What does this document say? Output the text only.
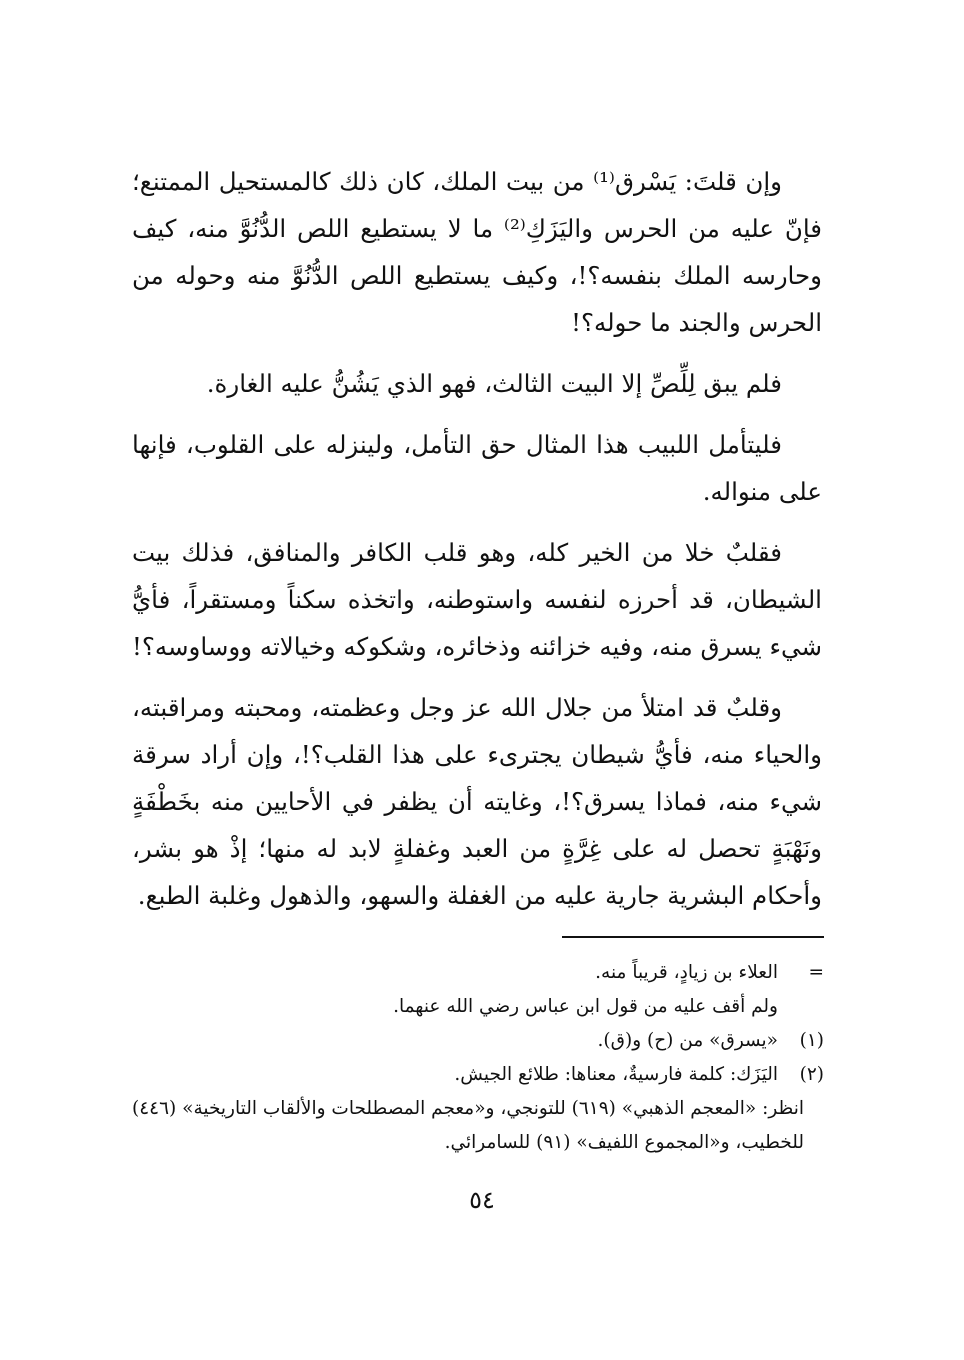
وإن قلتَ: يَسْرق⁽¹⁾ من بيت الملك، كان ذلك كالمستحيل الممتنع؛ فإنّ عليه من الحرس واليَزَكِ⁽²⁾ ما لا يستطيع اللص الدُّنُوَّ منه، كيف وحارسه الملك بنفسه؟!، وكيف يستطيع اللص الدُّنُوَّ منه وحوله من الحرس والجند ما حوله؟!

فلم يبق لِلِّصِّ إلا البيت الثالث، فهو الذي يَشُنُّ عليه الغارة.

فليتأمل اللبيب هذا المثال حق التأمل، ولينزله على القلوب، فإنها على منواله.

فقلبٌ خلا من الخير كله، وهو قلب الكافر والمنافق، فذلك بيت الشيطان، قد أحرزه لنفسه واستوطنه، واتخذه سكناً ومستقراً، فأيُّ شيء يسرق منه، وفيه خزائنه وذخائره، وشكوكه وخيالاته ووساوسه؟!

وقلبٌ قد امتلأ من جلال الله عز وجل وعظمته، ومحبته ومراقبته، والحياء منه، فأيُّ شيطان يجترىء على هذا القلب؟!، وإن أراد سرقة شيء منه، فماذا يسرق؟!، وغايته أن يظفر في الأحايين منه بخَطْفَةٍ ونَهْبَةٍ تحصل له على غِرَّةٍ من العبد وغفلةٍ لابد له منها؛ إذْ هو بشر، وأحكام البشرية جارية عليه من الغفلة والسهو، والذهول وغلبة الطبع.

=
العلاء بن زيادٍ، قريباً منه.
ولم أقف عليه من قول ابن عباس رضي الله عنهما.
(١)
«يسرق» من (ح) و(ق).
(٢)
اليَزَك: كلمة فارسيةٌ، معناها: طلائع الجيش.
انظر: «المعجم الذهبي» (٦١٩) للتونجي، و«معجم المصطلحات والألقاب التاريخية» (٤٤٦) للخطيب، و«المجموع اللفيف» (٩١) للسامرائي.
٥٤
